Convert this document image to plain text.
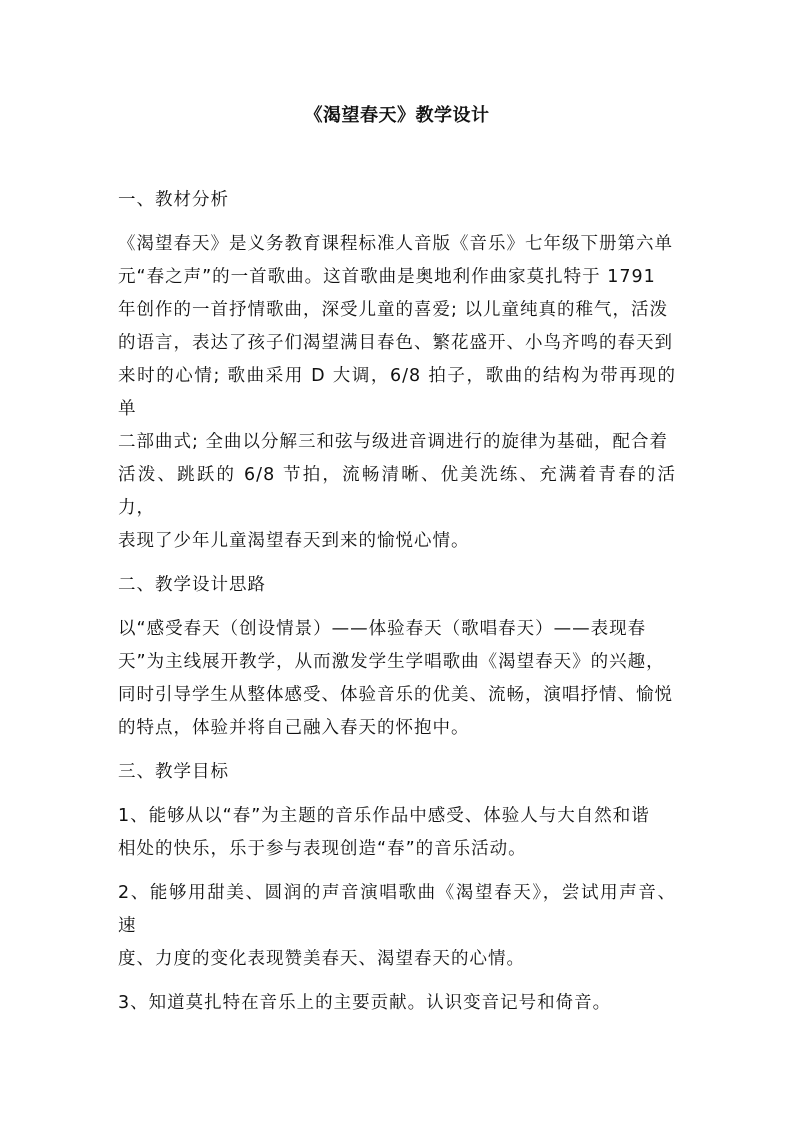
《渴望春天》教学设计
一、教材分析
《渴望春天》是义务教育课程标准人音版《音乐》七年级下册第六单
元“春之声”的一首歌曲。这首歌曲是奥地利作曲家莫扎特于 1791
年创作的一首抒情歌曲，深受儿童的喜爱; 以儿童纯真的稚气，活泼
的语言，表达了孩子们渴望满目春色、繁花盛开、小鸟齐鸣的春天到
来时的心情; 歌曲采用 D 大调，6/8 拍子，歌曲的结构为带再现的单
二部曲式; 全曲以分解三和弦与级进音调进行的旋律为基础，配合着
活泼、跳跃的 6/8 节拍，流畅清晰、优美洗练、充满着青春的活力，
表现了少年儿童渴望春天到来的愉悦心情。
二、教学设计思路
以“感受春天（创设情景）——体验春天（歌唱春天）——表现春
天”为主线展开教学，从而激发学生学唱歌曲《渴望春天》的兴趣，
同时引导学生从整体感受、体验音乐的优美、流畅，演唱抒情、愉悦
的特点，体验并将自己融入春天的怀抱中。
三、教学目标
1、能够从以“春”为主题的音乐作品中感受、体验人与大自然和谐
相处的快乐，乐于参与表现创造“春”的音乐活动。
2、能够用甜美、圆润的声音演唱歌曲《渴望春天》，尝试用声音、速
度、力度的变化表现赞美春天、渴望春天的心情。
3、知道莫扎特在音乐上的主要贡献。认识变音记号和倚音。
